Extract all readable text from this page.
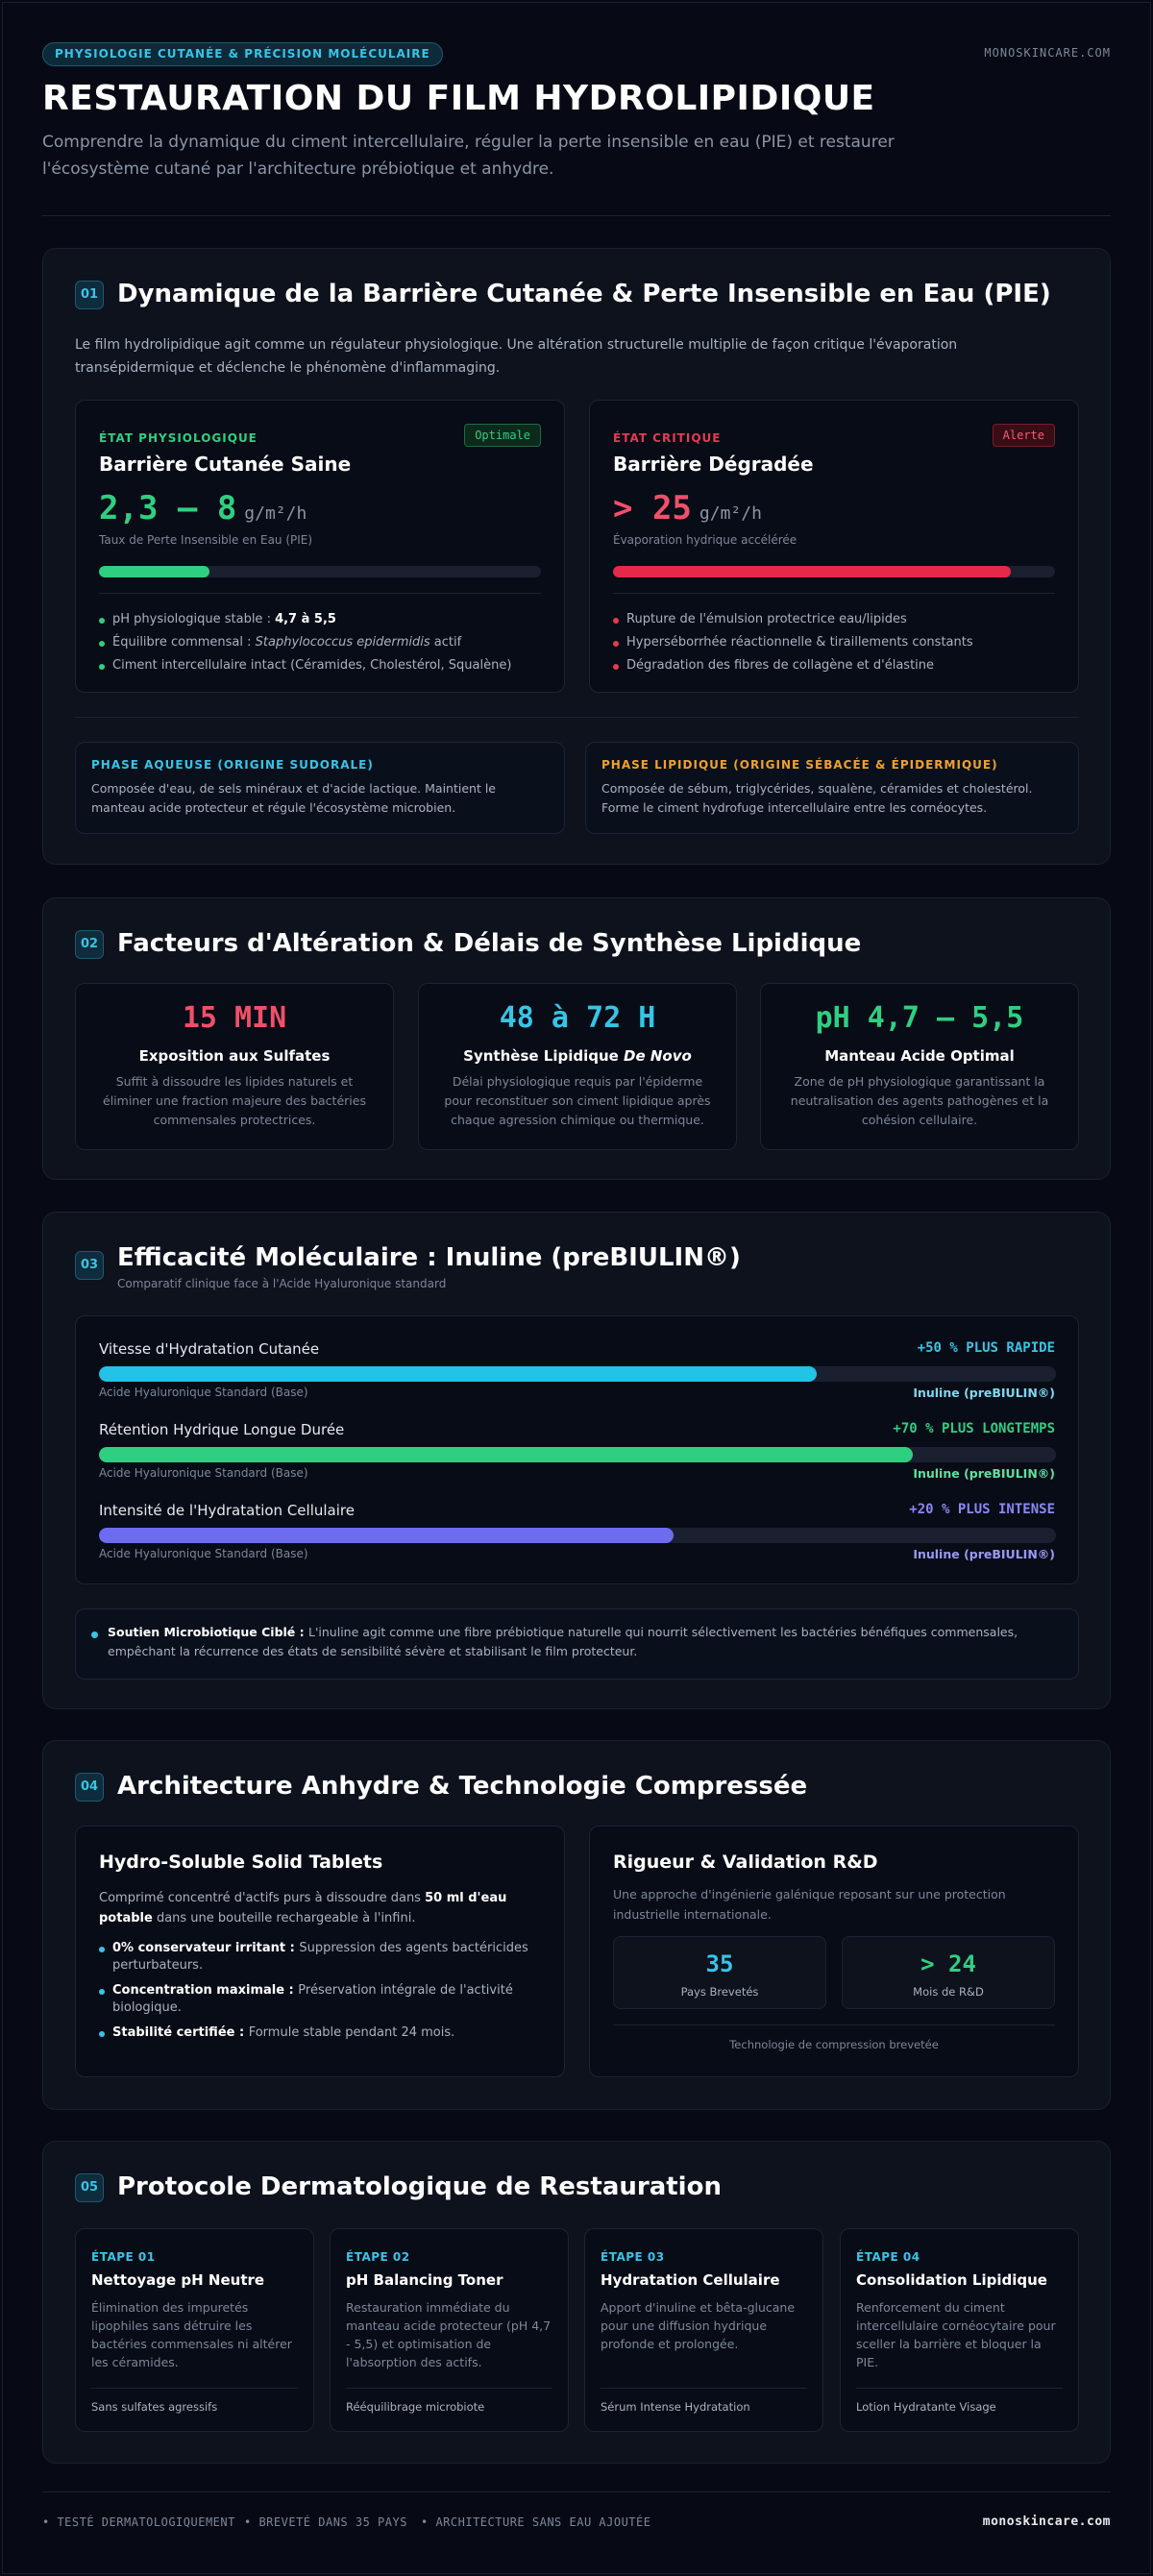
PHYSIOLOGIE CUTANÉE & PRÉCISION MOLÉCULAIRE	MONOSKINCARE.COM
RESTAURATION DU FILM HYDROLIPIDIQUE
Comprendre la dynamique du ciment intercellulaire, réguler la perte insensible en eau (PIE) et restaurer l'écosystème cutané par l'architecture prébiotique et anhydre.
01 Dynamique de la Barrière Cutanée & Perte Insensible en Eau (PIE)
Le film hydrolipidique agit comme un régulateur physiologique. Une altération structurelle multiplie de façon critique l'évaporation transépidermique et déclenche le phénomène d'inflammaging.
ÉTAT PHYSIOLOGIQUE	Optimale
Barrière Cutanée Saine
2,3 – 8 g/m²/h
Taux de Perte Insensible en Eau (PIE)
pH physiologique stable : 4,7 à 5,5
Équilibre commensal : Staphylococcus epidermidis actif
Ciment intercellulaire intact (Céramides, Cholestérol, Squalène)
ÉTAT CRITIQUE	Alerte
Barrière Dégradée
> 25 g/m²/h
Évaporation hydrique accélérée
Rupture de l'émulsion protectrice eau/lipides
Hyperséborrhée réactionnelle & tiraillements constants
Dégradation des fibres de collagène et d'élastine
PHASE AQUEUSE (ORIGINE SUDORALE)
Composée d'eau, de sels minéraux et d'acide lactique. Maintient le manteau acide protecteur et régule l'écosystème microbien.
PHASE LIPIDIQUE (ORIGINE SÉBACÉE & ÉPIDERMIQUE)
Composée de sébum, triglycérides, squalène, céramides et cholestérol. Forme le ciment hydrofuge intercellulaire entre les cornéocytes.
02 Facteurs d'Altération & Délais de Synthèse Lipidique
15 MIN
Exposition aux Sulfates
Suffit à dissoudre les lipides naturels et éliminer une fraction majeure des bactéries commensales protectrices.
48 à 72 H
Synthèse Lipidique De Novo
Délai physiologique requis par l'épiderme pour reconstituer son ciment lipidique après chaque agression chimique ou thermique.
pH 4,7 – 5,5
Manteau Acide Optimal
Zone de pH physiologique garantissant la neutralisation des agents pathogènes et la cohésion cellulaire.
03 Efficacité Moléculaire : Inuline (preBIULIN®)
Comparatif clinique face à l'Acide Hyaluronique standard
Vitesse d'Hydratation Cutanée	+50 % PLUS RAPIDE
Acide Hyaluronique Standard (Base)	Inuline (preBIULIN®)
Rétention Hydrique Longue Durée	+70 % PLUS LONGTEMPS
Acide Hyaluronique Standard (Base)	Inuline (preBIULIN®)
Intensité de l'Hydratation Cellulaire	+20 % PLUS INTENSE
Acide Hyaluronique Standard (Base)	Inuline (preBIULIN®)
Soutien Microbiotique Ciblé : L'inuline agit comme une fibre prébiotique naturelle qui nourrit sélectivement les bactéries bénéfiques commensales, empêchant la récurrence des états de sensibilité sévère et stabilisant le film protecteur.
04 Architecture Anhydre & Technologie Compressée
Hydro-Soluble Solid Tablets
Comprimé concentré d'actifs purs à dissoudre dans 50 ml d'eau potable dans une bouteille rechargeable à l'infini.
0% conservateur irritant : Suppression des agents bactéricides perturbateurs.
Concentration maximale : Préservation intégrale de l'activité biologique.
Stabilité certifiée : Formule stable pendant 24 mois.
Rigueur & Validation R&D
Une approche d'ingénierie galénique reposant sur une protection industrielle internationale.
35
Pays Brevetés
> 24
Mois de R&D
Technologie de compression brevetée
05 Protocole Dermatologique de Restauration
ÉTAPE 01
Nettoyage pH Neutre
Élimination des impuretés lipophiles sans détruire les bactéries commensales ni altérer les céramides.
Sans sulfates agressifs
ÉTAPE 02
pH Balancing Toner
Restauration immédiate du manteau acide protecteur (pH 4,7 - 5,5) et optimisation de l'absorption des actifs.
Rééquilibrage microbiote
ÉTAPE 03
Hydratation Cellulaire
Apport d'inuline et bêta-glucane pour une diffusion hydrique profonde et prolongée.
Sérum Intense Hydratation
ÉTAPE 04
Consolidation Lipidique
Renforcement du ciment intercellulaire cornéocytaire pour sceller la barrière et bloquer la PIE.
Lotion Hydratante Visage
• TESTÉ DERMATOLOGIQUEMENT • BREVETÉ DANS 35 PAYS • ARCHITECTURE SANS EAU AJOUTÉE	monoskincare.com
